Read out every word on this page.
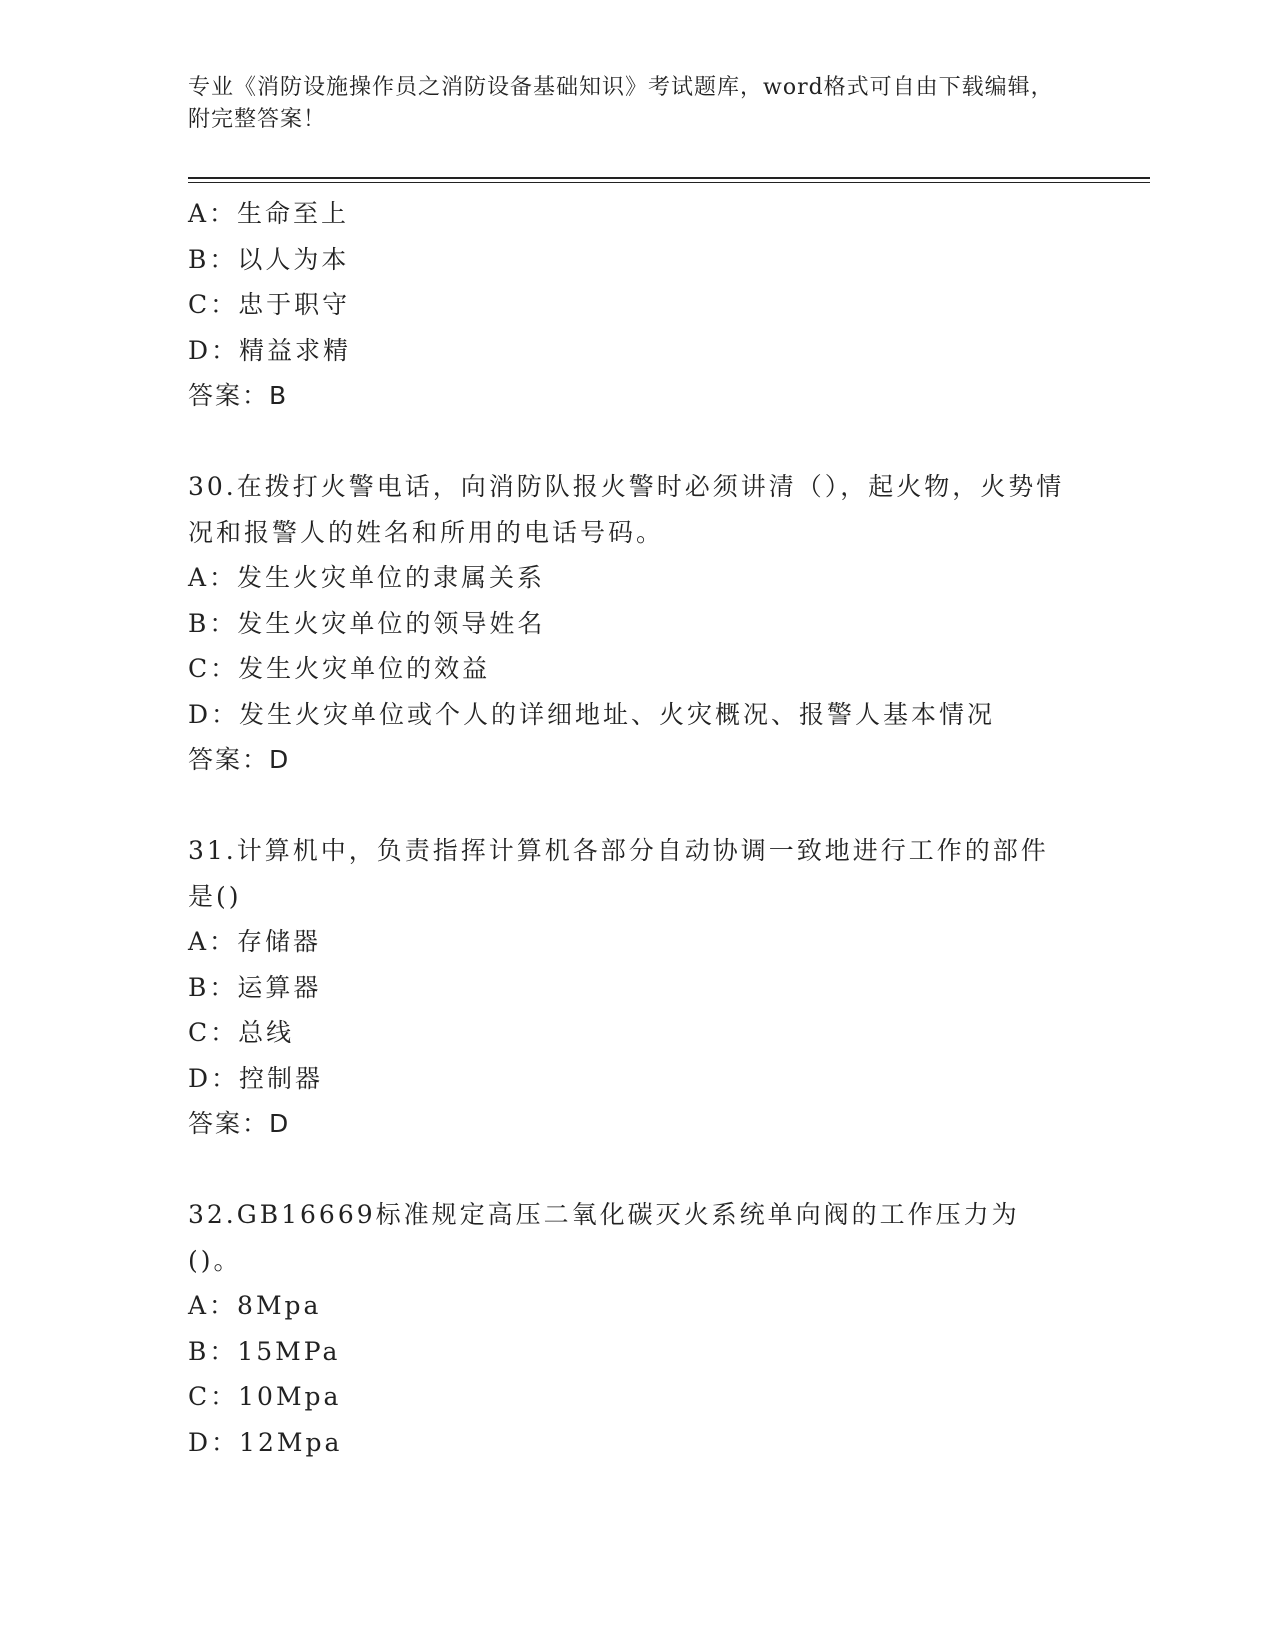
专业《消防设施操作员之消防设备基础知识》考试题库，word格式可自由下载编辑，附完整答案！
A：生命至上
B：以人为本
C：忠于职守
D：精益求精
答案：B
30.在拨打火警电话，向消防队报火警时必须讲清（），起火物，火势情况和报警人的姓名和所用的电话号码。
A：发生火灾单位的隶属关系
B：发生火灾单位的领导姓名
C：发生火灾单位的效益
D：发生火灾单位或个人的详细地址、火灾概况、报警人基本情况
答案：D
31.计算机中，负责指挥计算机各部分自动协调一致地进行工作的部件是()
A：存储器
B：运算器
C：总线
D：控制器
答案：D
32.GB16669标准规定高压二氧化碳灭火系统单向阀的工作压力为()。
A：8Mpa
B：15MPa
C：10Mpa
D：12Mpa
